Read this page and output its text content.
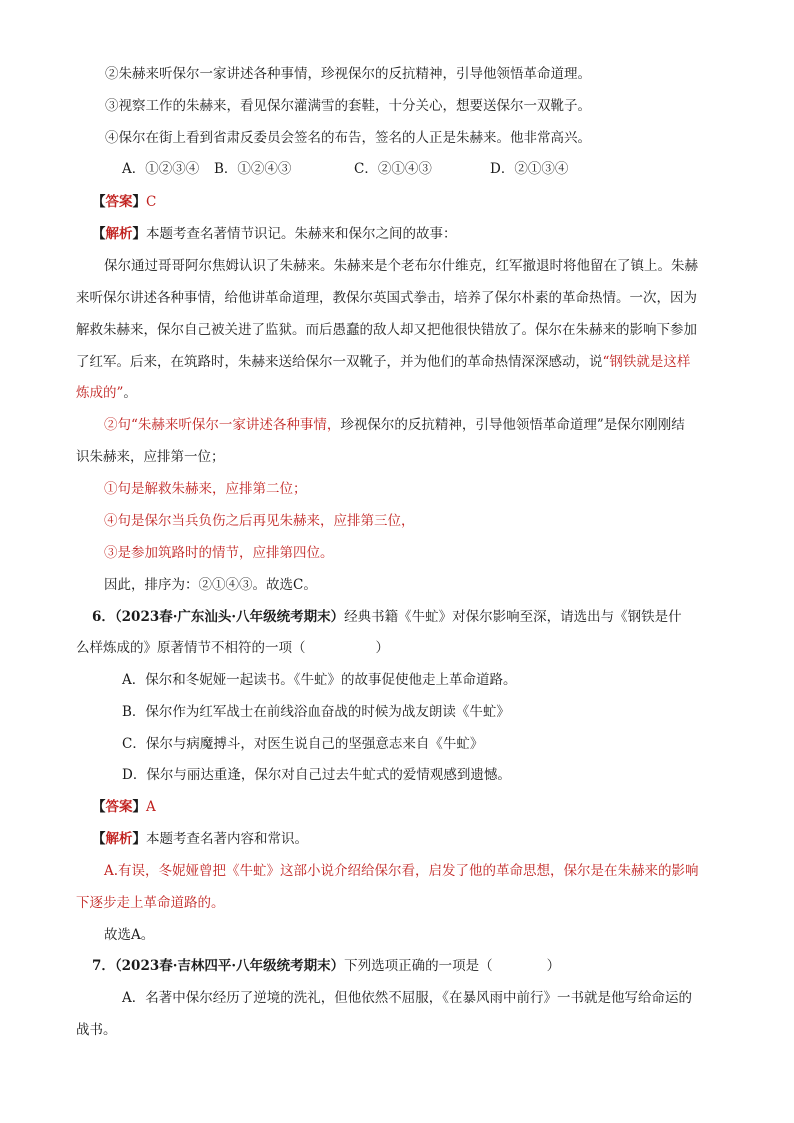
②朱赫来听保尔一家讲述各种事情，珍视保尔的反抗精神，引导他领悟革命道理。
③视察工作的朱赫来，看见保尔灌满雪的套鞋，十分关心，想要送保尔一双靴子。
④保尔在街上看到省肃反委员会签名的布告，签名的人正是朱赫来。他非常高兴。
A．①②③④ B．①②④③	C．②①④③	D．②①③④
【答案】C
【解析】本题考查名著情节识记。朱赫来和保尔之间的故事：
保尔通过哥哥阿尔焦姆认识了朱赫来。朱赫来是个老布尔什维克，红军撤退时将他留在了镇上。朱赫
来听保尔讲述各种事情，给他讲革命道理，教保尔英国式拳击，培养了保尔朴素的革命热情。一次，因为
解救朱赫来，保尔自己被关进了监狱。而后愚蠢的敌人却又把他很快错放了。保尔在朱赫来的影响下参加
了红军。后来，在筑路时，朱赫来送给保尔一双靴子，并为他们的革命热情深深感动，说“钢铁就是这样
炼成的”。
②句“朱赫来听保尔一家讲述各种事情，珍视保尔的反抗精神，引导他领悟革命道理”是保尔刚刚结
识朱赫来，应排第一位；
①句是解救朱赫来，应排第二位；
④句是保尔当兵负伤之后再见朱赫来，应排第三位，
③是参加筑路时的情节，应排第四位。
因此，排序为：②①④③。故选C。
6．（2023春·广东汕头·八年级统考期末）经典书籍《牛虻》对保尔影响至深，请选出与《钢铁是什
么样炼成的》原著情节不相符的一项（	）
A．保尔和冬妮娅一起读书。《牛虻》的故事促使他走上革命道路。
B．保尔作为红军战士在前线浴血奋战的时候为战友朗读《牛虻》
C．保尔与病魔搏斗，对医生说自己的坚强意志来自《牛虻》
D．保尔与丽达重逢，保尔对自己过去牛虻式的爱情观感到遗憾。
【答案】A
【解析】本题考查名著内容和常识。
A.有误，冬妮娅曾把《牛虻》这部小说介绍给保尔看，启发了他的革命思想，保尔是在朱赫来的影响
下逐步走上革命道路的。
故选A。
7．（2023春·吉林四平·八年级统考期末）下列选项正确的一项是（	）
A．名著中保尔经历了逆境的洗礼，但他依然不屈服，《在暴风雨中前行》一书就是他写给命运的
战书。
